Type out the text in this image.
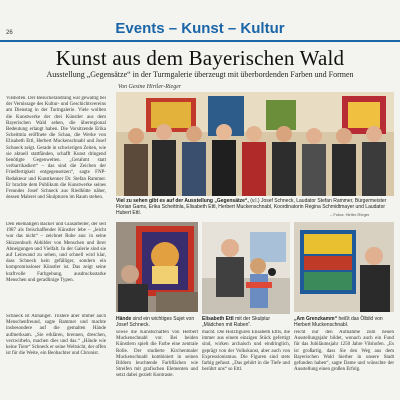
26	Events – Kunst – Kultur
Kunst aus dem Bayerischen Wald
Ausstellung „Gegensätze“ in der Turmgalerie überzeugt mit überbordenden Farben und Formen
Von Gesine Hirtler-Rieger
Vilshofen. Der Besucherandrang war gewaltig bei der Vernissage des Kultur- und Geschichtsvereins am Dienstag in der Turmgalerie. Viele wollten die Kunstwerke der drei Künstler aus dem Bayerischen Wald sehen, die überregional Bedeutung erlangt haben. Die Vorsitzende Erika Scheittnla eröffnete die Schau, die Werke von Elisabeth Ettl, Herbert Muckenschnabl und Josef Schneck zeigt. Gerade in schwierigen Zeiten, wie sie aktuell stattfänden, schafft Kunst dringend benötigte Gegenwelten. „Gerahmt statt verbarrikadiert“ – das sind die Zeichen der Friedfertigkeit entgegensetzen“, sagte FNP-Redakteur und Kunstkenner Dr. Stefan Rammer. Er brachte dem Publikum die Kunstwerke seines Freundes Josef Schneck aus Riedhütte näher, dessen Malerei und Skulpturen im Raum stehen.
Den ehemaligen Bäcker und Glasarbeiter, der seit 1987 als freischaffender Künstler lebe – „leicht war das nicht“ – zeichnet Ruhe aus: in seine Skizzenbuch Abbilder von Menschen und ihrer Abneigungen und Vielfalt. In der Galerie sind sie auf Leinwand zu sehen, und schnell wird klar, dass Schneck kein gefälliger, sondern ein kompromissloser Künstler ist. Das zeigt seine kraftvolle Farbgebung, ausdrucksstarke Menschen und geradlinige Typen.
Schneck ist Anhänger. Tristere aber immer auch Menschenfreund, sagte Rammer und machte insbesondere auf die gemalten Hände aufmerksam. „Sie erklären, brennen, dreschen, verzwirbeln, machen dies und das.“ „Hände wie keine Tiere“ Schneck er seine Weltsicht, der offen ist für die Weite, ein Beobachter und Chronist.
Viel zu sehen gibt es auf der Ausstellung „Gegensätze“, (v.l.) Josef Schneck, Laudator Stefan Rammer, Bürgermeister Florian Gams, Erika Scheittnla, Elisabeth Ettl, Herbert Muckenschnabl, Koordinatorin Regina Schmidtmayer und Laudator Hubert Ettl.	– Fotos: Hirtler-Rieger
Hände sind ein wichtiges Sujet von Josef Schneck.
Elisabeth Ettl mit der Skulptur „Mädchen mit Raben“.
„Am Grenzkamm“ heißt das Ölbild von Herbert Muckenschnabl.
sowie die Kunstschaffen von Herbert Muckenschnabl vor. Bei beiden Künstlern spielt die Farbe eine zentrale Rolle. Der studierte Kirchenmaler Muckenschnabl kombiniert in seinen Bildern leuchtende Farbflächen wie Streifen mit grafischen Elementen und setzt dabei gezielt Kontraste.
macht. Die Holzfiguren Elisabeth Ettls, die immer aus einem einzigen Stück gefertigt sind, wirken archaisch und eindringlich, geprägt von der Volkskunst, aber auch von Expressionismus. Die Figuren sind stets farbig gefasst. „Das gehört in die Tiefe und berührt uns“ so Ettl.
reicht nur den Aufnahme zum neuen Ausstellungsjahr bildet, wonach auch ein Fund für das Jubiläumsjahr 1250 Jahre Vilshofen. „Es ist großartig, dass Sie den Weg aus dem Bayerischen Wald hierher in unsere Stadt gefunden haben“, sagte Dame und wünschte der Ausstellung einen großen Erfolg.
